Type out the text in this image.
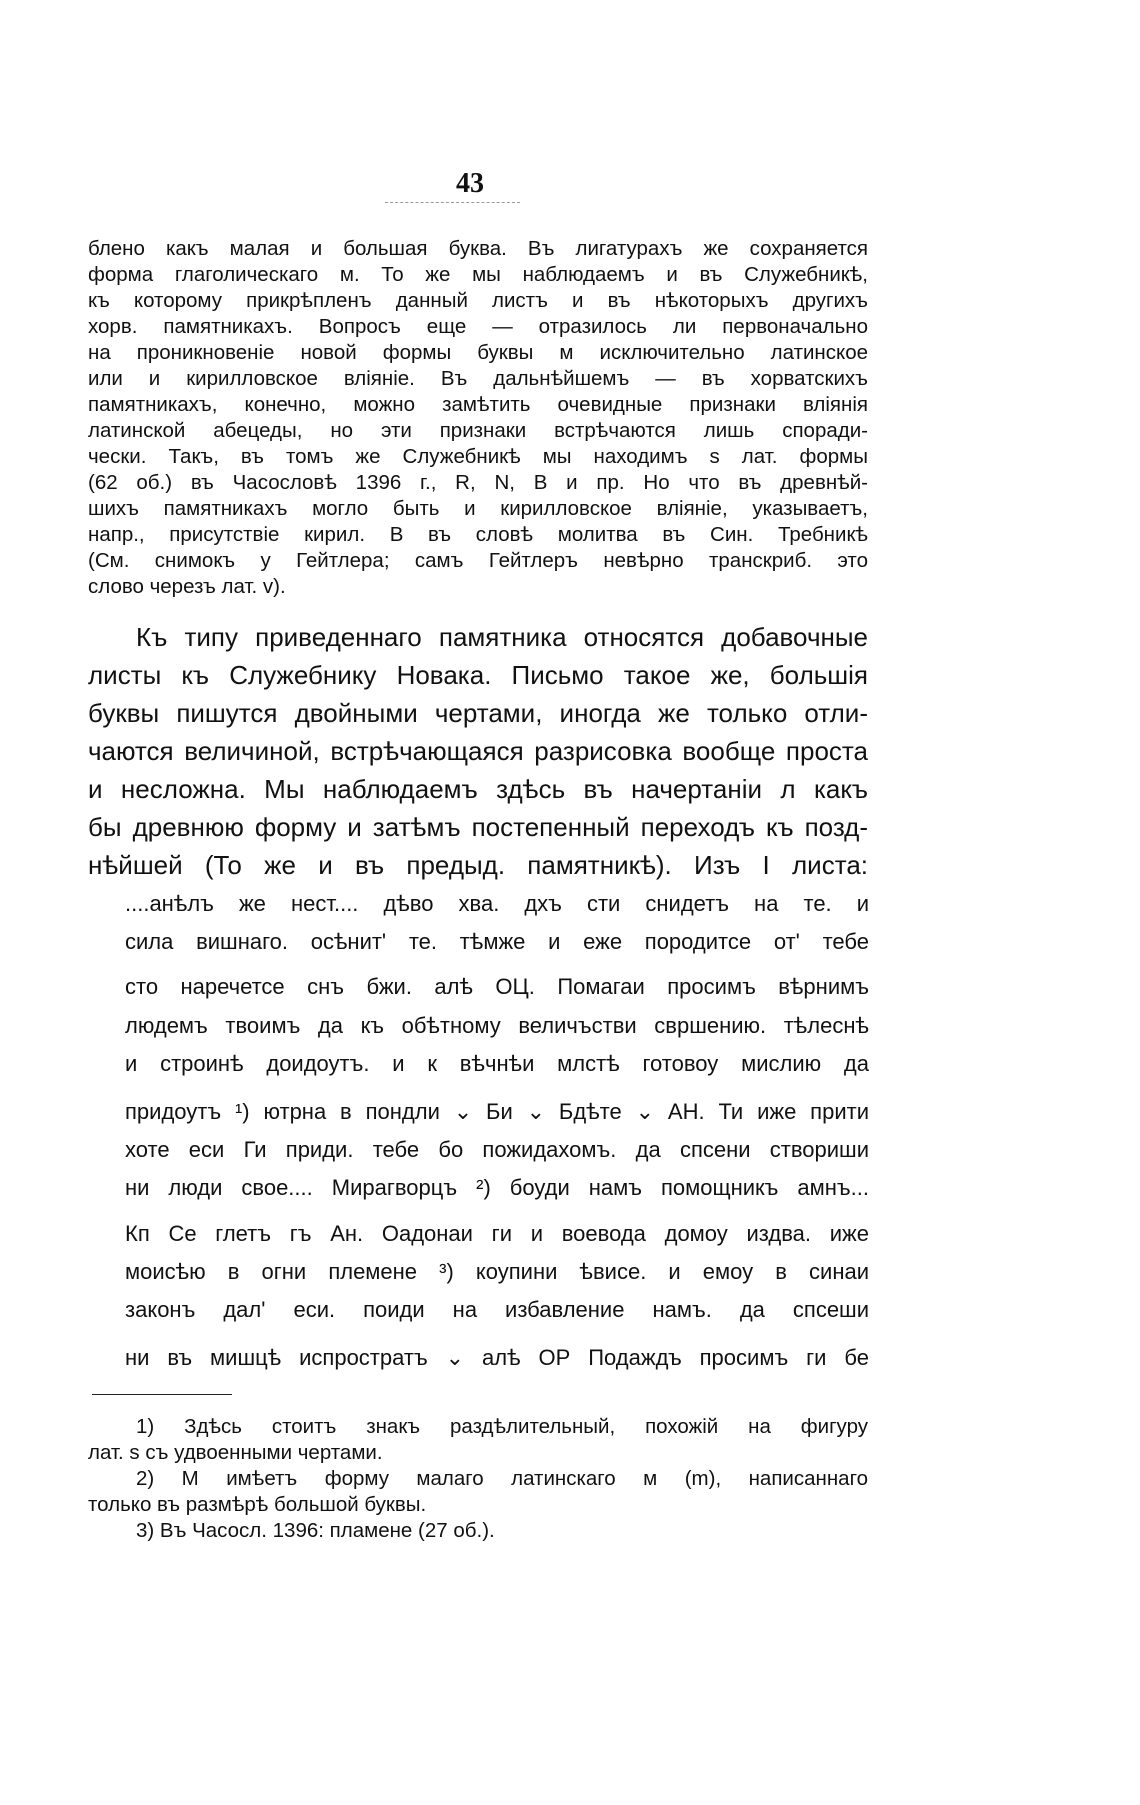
43
блено какъ малая и большая буква. Въ лигатурахъ же сохраняется
форма глаголическаго м. То же мы наблюдаемъ и въ Служебникѣ,
къ которому прикрѣпленъ данный листъ и въ нѣкоторыхъ другихъ
хорв. памятникахъ. Вопросъ еще — отразилось ли первоначально
на проникновеніе новой формы буквы м исключительно латинское
или и кирилловское вліяніе. Въ дальнѣйшемъ — въ хорватскихъ
памятникахъ, конечно, можно замѣтить очевидные признаки вліянія
латинской абецеды, но эти признаки встрѣчаются лишь споради-
чески. Такъ, въ томъ же Служебникѣ мы находимъ ѕ лат. формы
(62 об.) въ Часословѣ 1396 г., R, N, B и пр. Но что въ древнѣй-
шихъ памятникахъ могло быть и кирилловское вліяніе, указываетъ,
напр., присутствіе кирил. В въ словѣ молитва въ Син. Требникѣ
(См. снимокъ у Гейтлера; самъ Гейтлеръ невѣрно транскриб. это
слово черезъ лат. v).
Къ типу приведеннаго памятника относятся добавочные
листы къ Служебнику Новака. Письмо такое же, большія
буквы пишутся двойными чертами, иногда же только отли-
чаются величиной, встрѣчающаяся разрисовка вообще проста
и несложна. Мы наблюдаемъ здѣсь въ начертаніи л какъ
бы древнюю форму и затѣмъ постепенный переходъ къ позд-
нѣйшей (То же и въ предыд. памятникѣ). Изъ I листа:
....анѣлъ же нест.... дѣво хва. дхъ сти снидетъ на те. и
сила вишнаго. осѣнит' те. тѣмже и еже породитсе от' тебе
сто наречетсе снъ бжи. алѣ ОЦ. Помагаи просимъ вѣрнимъ
людемъ твоимъ да къ обѣтному величъстви свршению. тѣлеснѣ
и строинѣ доидоутъ. и к вѣчнѣи млстѣ готовоу мислию да
придоутъ ¹) ютрна в пондли ⌄ Би ⌄ Бдѣте ⌄ АН. Ти иже прити
хоте еси Ги приди. тебе бо пожидахомъ. да спсени створиши
ни люди свое.... Мирагворцъ ²) боуди намъ помощникъ амнъ...
Кп Се глетъ гъ Ан. Оадонаи ги и воевода домоу издва. иже
моисѣю в огни племене ³) коупини ѣвисе. и емоу в синаи
законъ дал' еси. поиди на избавление намъ. да спсеши
ни въ мишцѣ испростратъ ⌄ алѣ ОР Подаждъ просимъ ги бе
1) Здѣсь стоитъ знакъ раздѣлительный, похожій на фигуру
лат. ѕ съ удвоенными чертами.
2) М имѣетъ форму малаго латинскаго м (m), написаннаго
только въ размѣрѣ большой буквы.
3) Въ Часосл. 1396: пламене (27 об.).
